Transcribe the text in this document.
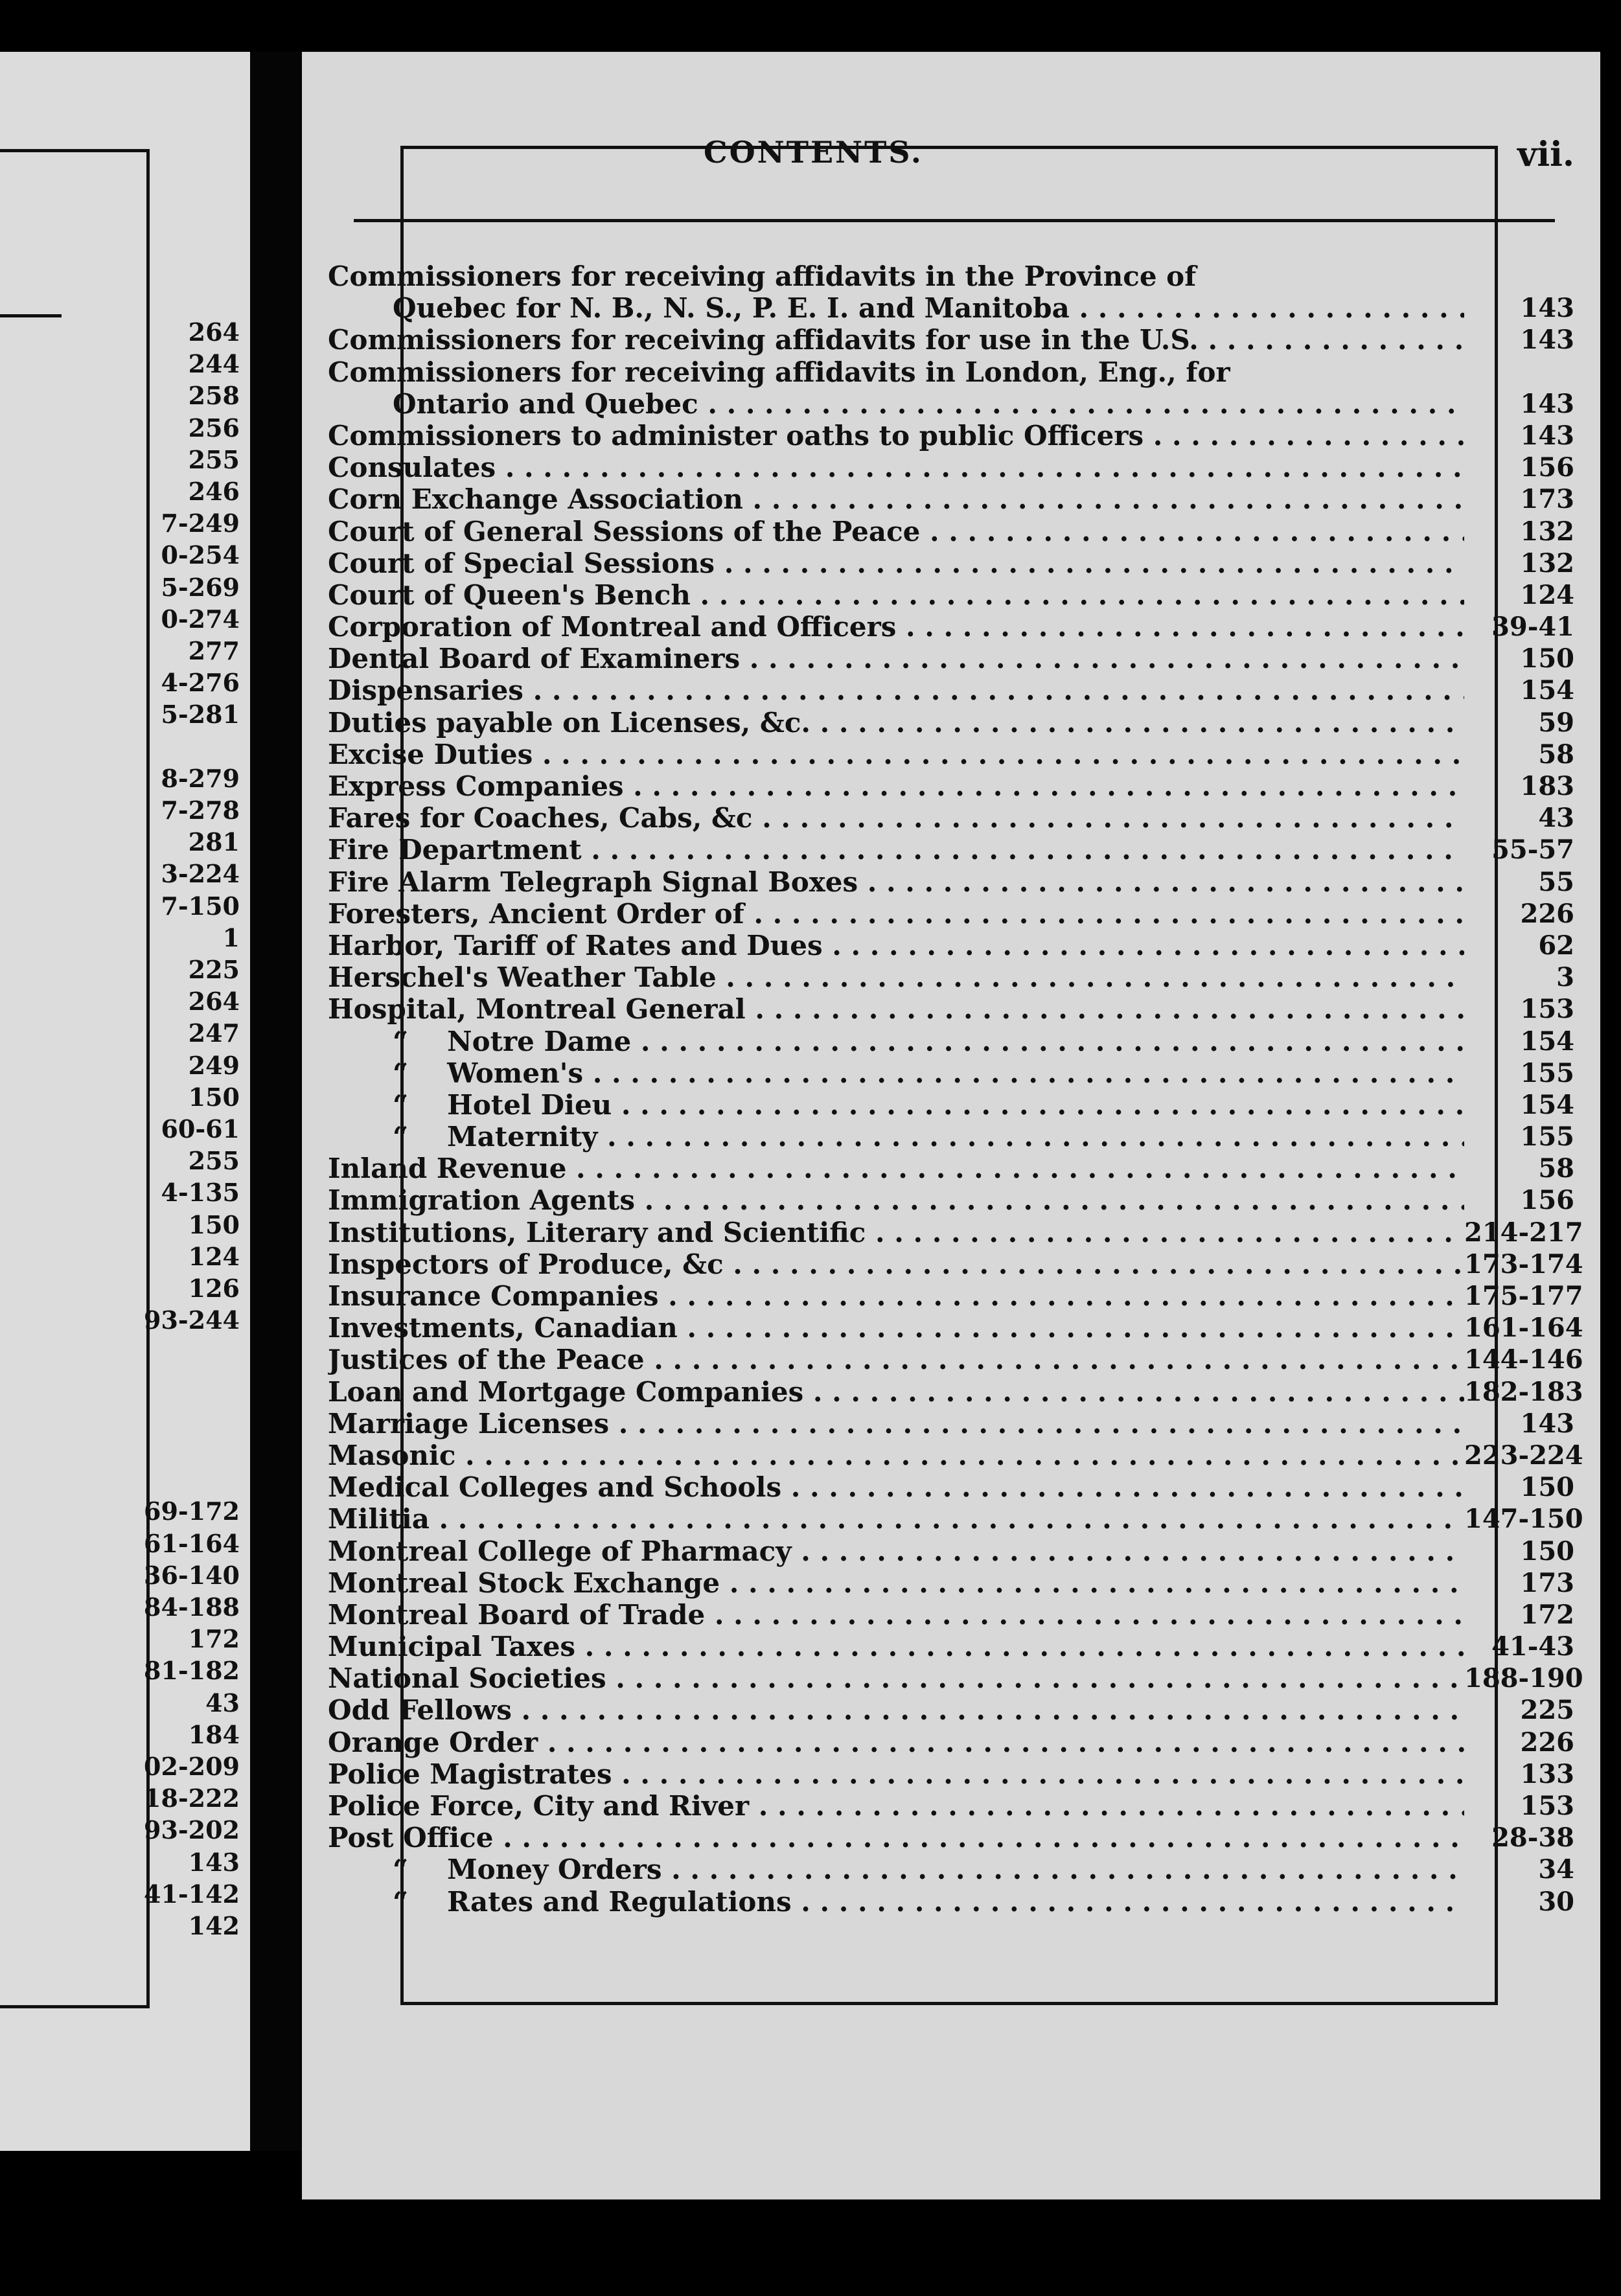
264
244
258
256
255
246
7-249
0-254
5-269
0-274
277
4-276
5-281
8-279
7-278
281
3-224
7-150
1
225
264
247
249
150
60-61
255
4-135
150
124
126
93-244
69-172
61-164
36-140
84-188
172
81-182
43
184
02-209
18-222
93-202
143
41-142
142
CONTENTS.	vii.
Commissioners for receiving affidavits in the Province of
Quebec for N. B., N. S., P. E. I. and Manitoba . . .	143
Commissioners for receiving affidavits for use in the U.S. . . .	143
Commissioners for receiving affidavits in London, Eng., for
Ontario and Quebec . . .	143
Commissioners to administer oaths to public Officers . . .	143
Consulates . . .	156
Corn Exchange Association . . .	173
Court of General Sessions of the Peace . . .	132
Court of Special Sessions . . .	132
Court of Queen's Bench . . .	124
Corporation of Montreal and Officers . . .	39-41
Dental Board of Examiners . . .	150
Dispensaries . . .	154
Duties payable on Licenses, &c. . . .	59
Excise Duties . . .	58
Express Companies . . .	183
Fares for Coaches, Cabs, &c . . .	43
Fire Department . . .	55-57
Fire Alarm Telegraph Signal Boxes . . .	55
Foresters, Ancient Order of . . .	226
Harbor, Tariff of Rates and Dues . . .	62
Herschel's Weather Table . . .	3
Hospital, Montreal General . . .	153
“ Notre Dame . . .	154
“ Women's . . .	155
“ Hotel Dieu . . .	154
“ Maternity . . .	155
Inland Revenue . . .	58
Immigration Agents . . .	156
Institutions, Literary and Scientific . . .	214-217
Inspectors of Produce, &c . . .	173-174
Insurance Companies . . .	175-177
Investments, Canadian . . .	161-164
Justices of the Peace . . .	144-146
Loan and Mortgage Companies . . .	182-183
Marriage Licenses . . .	143
Masonic . . .	223-224
Medical Colleges and Schools . . .	150
Militia . . .	147-150
Montreal College of Pharmacy . . .	150
Montreal Stock Exchange . . .	173
Montreal Board of Trade . . .	172
Municipal Taxes . . .	41-43
National Societies . . .	188-190
Odd Fellows . . .	225
Orange Order . . .	226
Police Magistrates . . .	133
Police Force, City and River . . .	153
Post Office . . .	28-38
“ Money Orders . . .	34
“ Rates and Regulations . . .	30
